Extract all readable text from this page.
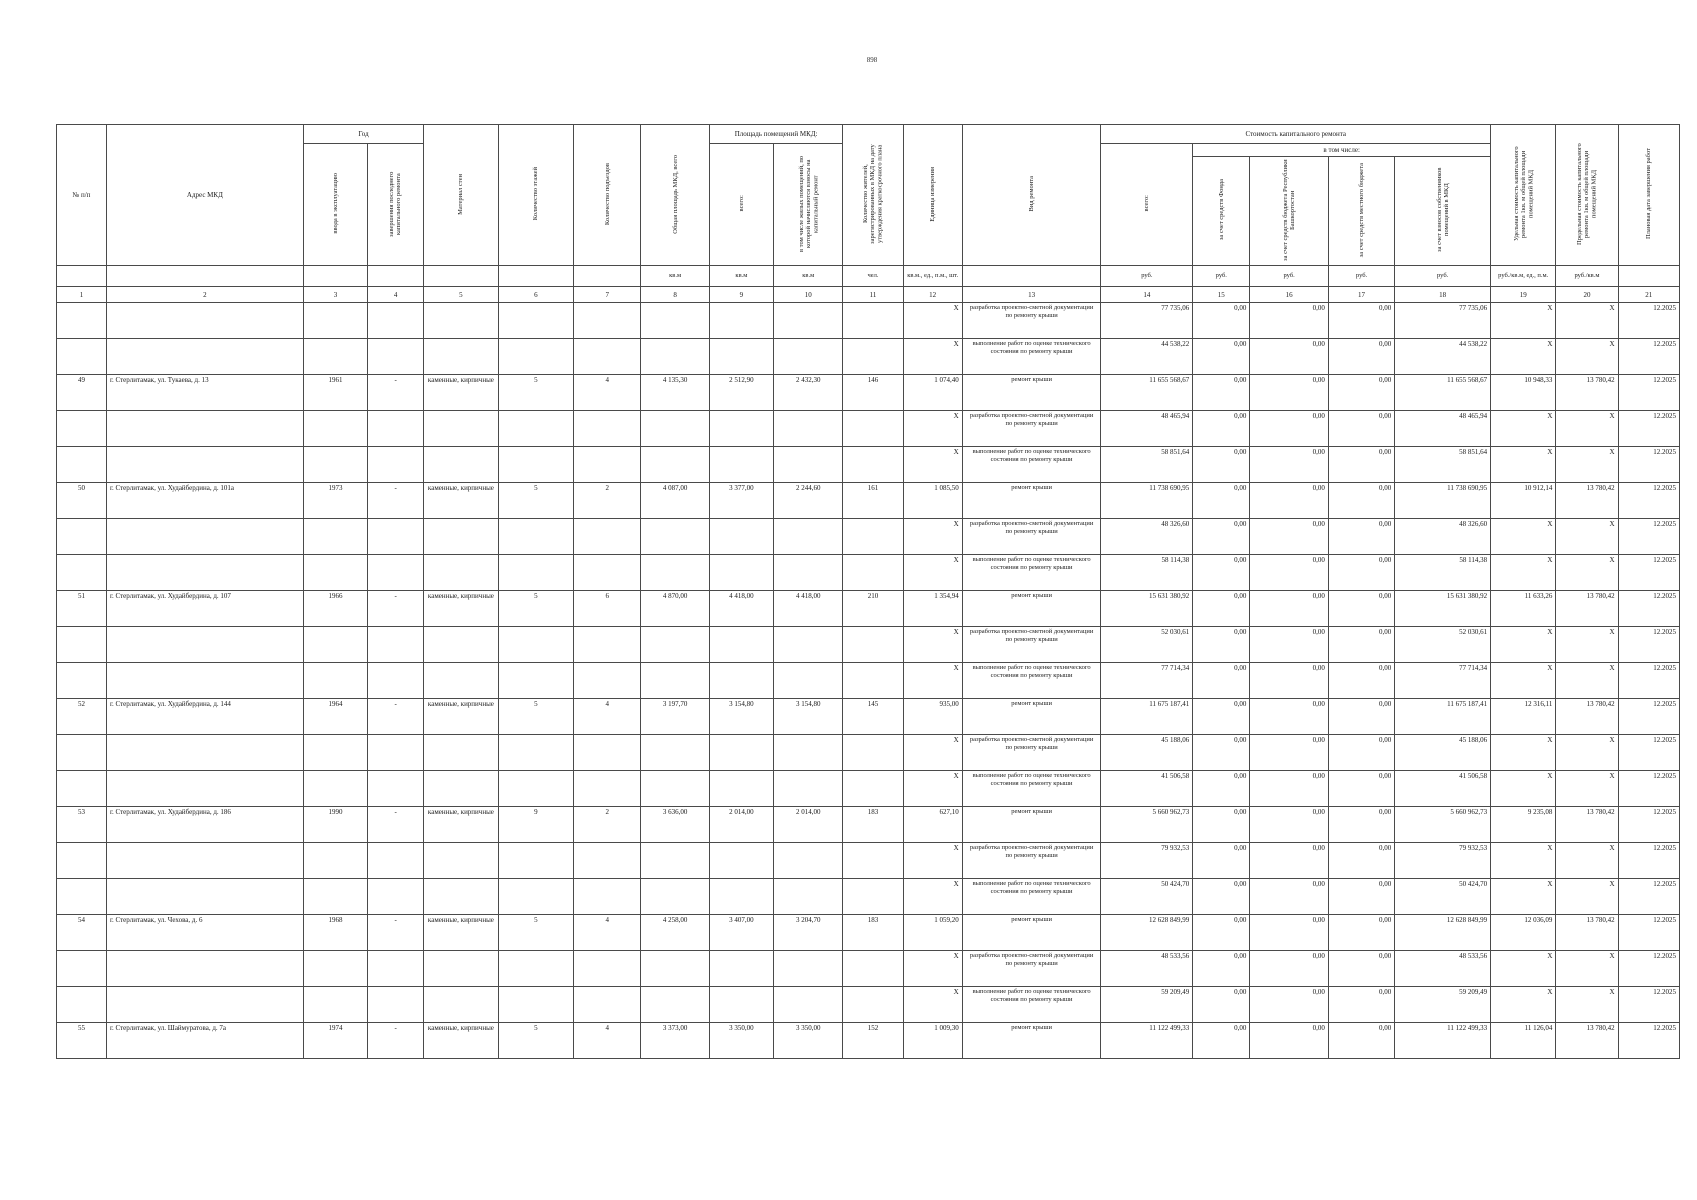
898
№ п/п	Адрес МКД	Год		Материал стен	Количество этажей	Количество подъездов	Общая площадь МКД, всего	Площадь помещений МКД:		Количество жителей, зарегистрированных в МКД на дату утверждения краткосрочного плана	Единица измерения	Вид ремонта	Стоимость капитального ремонта					Удельная стоимость капитального ремонта 1кв. м общей площади помещений МКД	Предельная стоимость капитального ремонта 1кв. м общей площади помещений МКД	Плановая дата завершения работ
		ввода в эксплуатацию	завершения последнего капитального ремонта					всего:	в том числе жилых помещений, по которой начисляются взносы на капитальный ремонт				всего:	в том числе:						
														за счет средств Фонда	за счет средств бюджета Республики Башкортостан	за счет средств местного бюджета	за счет взносов собственников помещений в МКД			
							кв.м	кв.м	кв.м	чел.	кв.м., ед., п.м., шт.		руб.	руб.	руб.	руб.	руб.	руб./кв.м, ед., п.м.	руб./кв.м	
1	2	3	4	5	6	7	8	9	10	11	12	13	14	15	16	17	18	19	20	21
											X	разработка проектно-сметной документации по ремонту крыши	77 735,06	0,00	0,00	0,00	77 735,06	X	X	12.2025
											X	выполнение работ по оценке технического состояния по ремонту крыши	44 538,22	0,00	0,00	0,00	44 538,22	X	X	12.2025
49	г. Стерлитамак, ул. Тукаева, д. 13	1961	-	каменные, кирпичные	5	4	4 135,30	2 512,90	2 432,30	146	1 074,40	ремонт крыши	11 655 568,67	0,00	0,00	0,00	11 655 568,67	10 948,33	13 780,42	12.2025
											X	разработка проектно-сметной документации по ремонту крыши	48 465,94	0,00	0,00	0,00	48 465,94	X	X	12.2025
											X	выполнение работ по оценке технического состояния по ремонту крыши	58 851,64	0,00	0,00	0,00	58 851,64	X	X	12.2025
50	г. Стерлитамак, ул. Худайбердина, д. 101а	1973	-	каменные, кирпичные	5	2	4 087,00	3 377,00	2 244,60	161	1 085,50	ремонт крыши	11 738 690,95	0,00	0,00	0,00	11 738 690,95	10 912,14	13 780,42	12.2025
											X	разработка проектно-сметной документации по ремонту крыши	48 326,60	0,00	0,00	0,00	48 326,60	X	X	12.2025
											X	выполнение работ по оценке технического состояния по ремонту крыши	58 114,38	0,00	0,00	0,00	58 114,38	X	X	12.2025
51	г. Стерлитамак, ул. Худайбердина, д. 107	1966	-	каменные, кирпичные	5	6	4 870,00	4 418,00	4 418,00	210	1 354,94	ремонт крыши	15 631 380,92	0,00	0,00	0,00	15 631 380,92	11 633,26	13 780,42	12.2025
											X	разработка проектно-сметной документации по ремонту крыши	52 030,61	0,00	0,00	0,00	52 030,61	X	X	12.2025
											X	выполнение работ по оценке технического состояния по ремонту крыши	77 714,34	0,00	0,00	0,00	77 714,34	X	X	12.2025
52	г. Стерлитамак, ул. Худайбердина, д. 144	1964	-	каменные, кирпичные	5	4	3 197,70	3 154,80	3 154,80	145	935,00	ремонт крыши	11 675 187,41	0,00	0,00	0,00	11 675 187,41	12 316,11	13 780,42	12.2025
											X	разработка проектно-сметной документации по ремонту крыши	45 188,06	0,00	0,00	0,00	45 188,06	X	X	12.2025
											X	выполнение работ по оценке технического состояния по ремонту крыши	41 506,58	0,00	0,00	0,00	41 506,58	X	X	12.2025
53	г. Стерлитамак, ул. Худайбердина, д. 186	1990	-	каменные, кирпичные	9	2	3 636,00	2 014,00	2 014,00	183	627,10	ремонт крыши	5 660 962,73	0,00	0,00	0,00	5 660 962,73	9 235,08	13 780,42	12.2025
											X	разработка проектно-сметной документации по ремонту крыши	79 932,53	0,00	0,00	0,00	79 932,53	X	X	12.2025
											X	выполнение работ по оценке технического состояния по ремонту крыши	50 424,70	0,00	0,00	0,00	50 424,70	X	X	12.2025
54	г. Стерлитамак, ул. Чехова, д. 6	1968	-	каменные, кирпичные	5	4	4 258,00	3 407,00	3 204,70	183	1 059,20	ремонт крыши	12 628 849,99	0,00	0,00	0,00	12 628 849,99	12 036,09	13 780,42	12.2025
											X	разработка проектно-сметной документации по ремонту крыши	48 533,56	0,00	0,00	0,00	48 533,56	X	X	12.2025
											X	выполнение работ по оценке технического состояния по ремонту крыши	59 209,49	0,00	0,00	0,00	59 209,49	X	X	12.2025
55	г. Стерлитамак, ул. Шаймуратова, д. 7а	1974	-	каменные, кирпичные	5	4	3 373,00	3 350,00	3 350,00	152	1 009,30	ремонт крыши	11 122 499,33	0,00	0,00	0,00	11 122 499,33	11 126,04	13 780,42	12.2025
